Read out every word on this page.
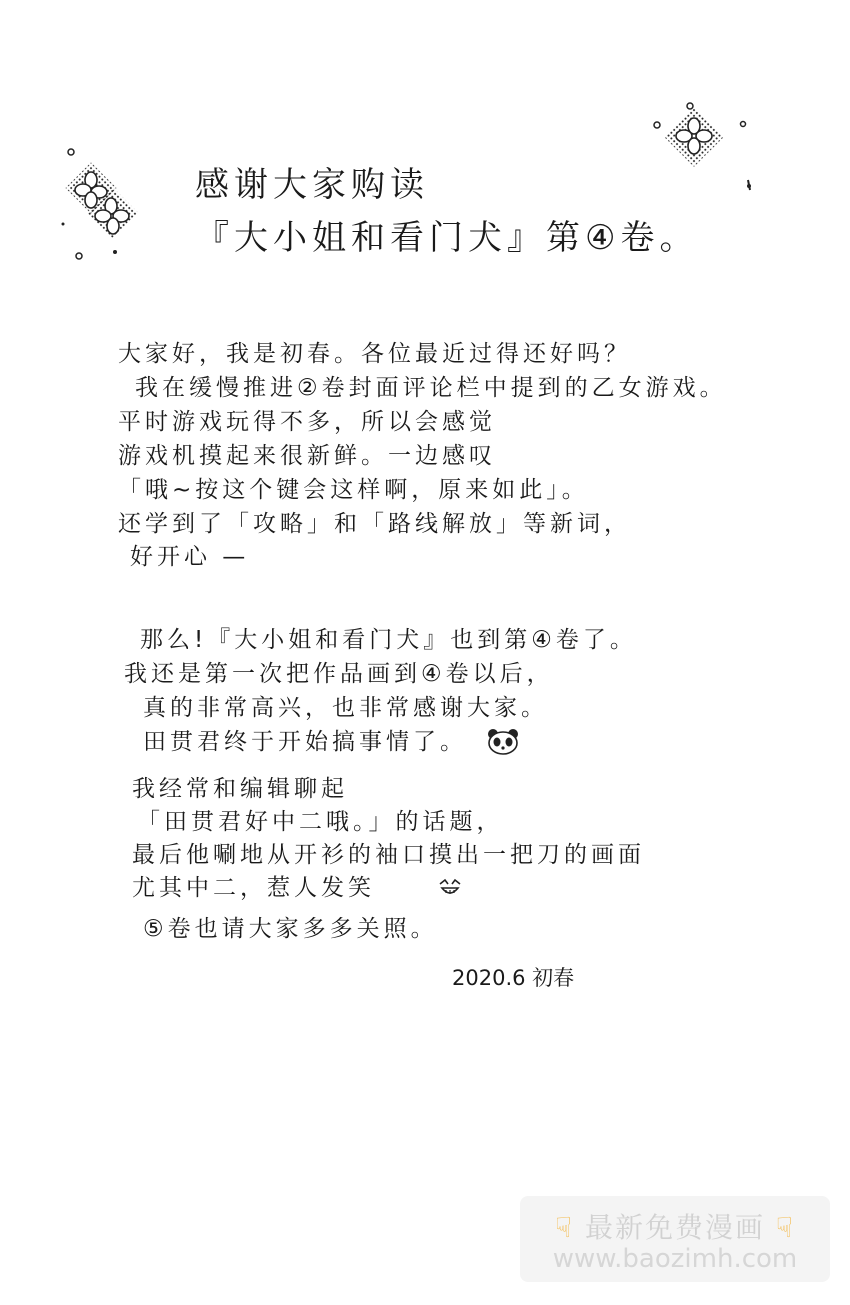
感谢大家购读
『大小姐和看门犬』第④卷。
大家好，我是初春。各位最近过得还好吗？
我在缓慢推进②卷封面评论栏中提到的乙女游戏。
平时游戏玩得不多，所以会感觉
游戏机摸起来很新鲜。一边感叹
「哦~按这个键会这样啊，原来如此」。
还学到了「攻略」和「路线解放」等新词，
好开心 —
那么!『大小姐和看门犬』也到第④卷了。
我还是第一次把作品画到④卷以后，
真的非常高兴，也非常感谢大家。
田贯君终于开始搞事情了。
我经常和编辑聊起
「田贯君好中二哦。」的话题，
最后他唰地从开衫的袖口摸出一把刀的画面
尤其中二，惹人发笑
⑤卷也请大家多多关照。
2020.6 初春
☟ 最新免费漫画 ☟
www.baozimh.com
